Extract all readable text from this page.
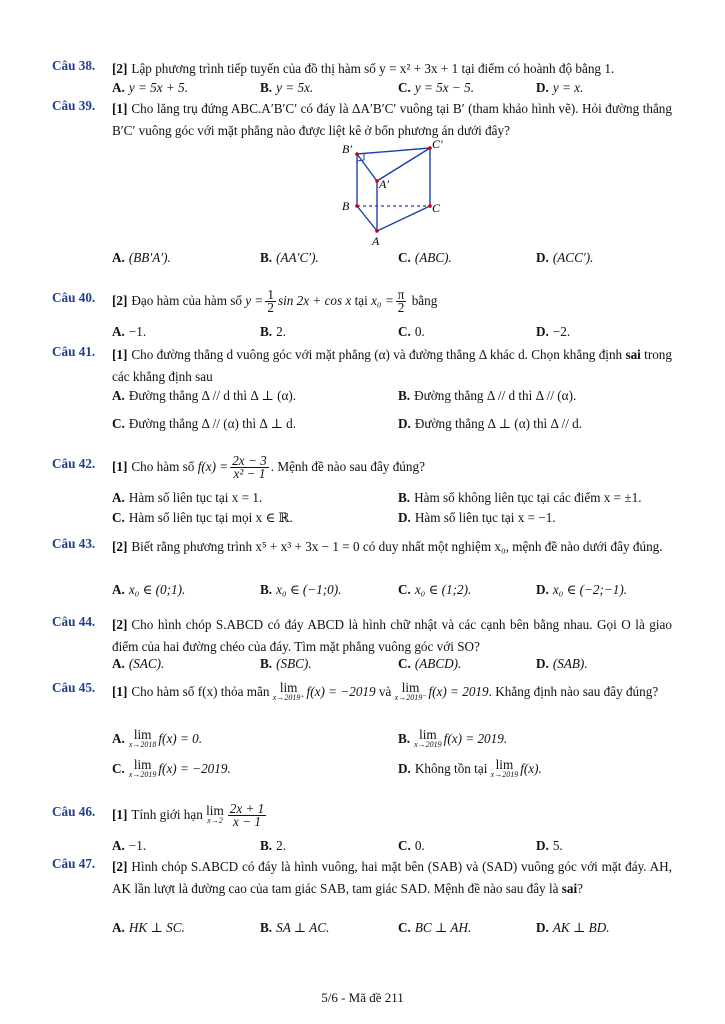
Câu 38. [2] Lập phương trình tiếp tuyến của đồ thị hàm số y = x² + 3x + 1 tại điểm có hoành độ bằng 1.
A. y = 5x + 5.	B. y = 5x.	C. y = 5x − 5.	D. y = x.
Câu 39. [1] Cho lăng trụ đứng ABC.A′B′C′ có đáy là ΔA′B′C′ vuông tại B′ (tham khảo hình vẽ). Hỏi đường thẳng B′C′ vuông góc với mặt phẳng nào được liệt kê ở bốn phương án dưới đây?
B′	C′
A′
B	C
A
A. (BB′A′).	B. (AA′C′).	C. (ABC).	D. (ACC′).
Câu 40. [2] Đạo hàm của hàm số $y = \frac{1}{2}$ sin 2x + cos x tại $x_0 = \frac{\pi}{2}$ bằng
A. −1.	B. 2.	C. 0.	D. −2.
Câu 41. [1] Cho đường thẳng d vuông góc với mặt phẳng (α) và đường thẳng Δ khác d. Chọn khẳng định sai trong các khẳng định sau
A. Đường thẳng Δ // d thì Δ ⊥ (α).	B. Đường thẳng Δ // d thì Δ // (α).
C. Đường thẳng Δ // (α) thì Δ ⊥ d.	D. Đường thẳng Δ ⊥ (α) thì Δ // d.
Câu 42. [1] Cho hàm số $f(x) = \frac{2x - 3}{\text{x² − 1}}$ . Mệnh đề nào sau đây đúng?
A. Hàm số liên tục tại x = 1.	B. Hàm số không liên tục tại các điểm x = ±1.
C. Hàm số liên tục tại mọi x ∈ ℝ.	D. Hàm số liên tục tại x = −1.
Câu 43. [2] Biết rằng phương trình x⁵ + x³ + 3x − 1 = 0 có duy nhất một nghiệm x₀, mệnh đề nào dưới đây đúng.
A. x₀ ∈ (0;1).	B. x₀ ∈ (−1;0).	C. x₀ ∈ (1;2).	D. x₀ ∈ (−2;−1).
Câu 44. [2] Cho hình chóp S.ABCD có đáy ABCD là hình chữ nhật và các cạnh bên bằng nhau. Gọi O là giao điểm của hai đường chéo của đáy. Tìm mặt phẳng vuông góc với SO?
A. (SAC).	B. (SBC).	C. (ABCD).	D. (SAB).
Câu 45. [1] Cho hàm số f(x) thỏa mãn lim
x→2019⁺ f(x) = −2019 và lim
x→2019⁻ f(x) = 2019. Khẳng định nào sau đây đúng?
A. lim
x→2018 f(x) = 0.	B. lim
x→2019 f(x) = 2019.
C. lim
x→2019 f(x) = −2019.	D. Không tồn tại lim
x→2019 f(x).
Câu 46. [1] Tính giới hạn lim
$x\to 2 \frac{2x + 1}{x - 1}$
A. −1.	B. 2.	C. 0.	D. 5.
Câu 47. [2] Hình chóp S.ABCD có đáy là hình vuông, hai mặt bên (SAB) và (SAD) vuông góc với mặt đáy. AH, AK lần lượt là đường cao của tam giác SAB, tam giác SAD. Mệnh đề nào sau đây là sai?
A. HK ⊥ SC.	B. SA ⊥ AC.	C. BC ⊥ AH.	D. AK ⊥ BD.
5/6 - Mã đề 211
